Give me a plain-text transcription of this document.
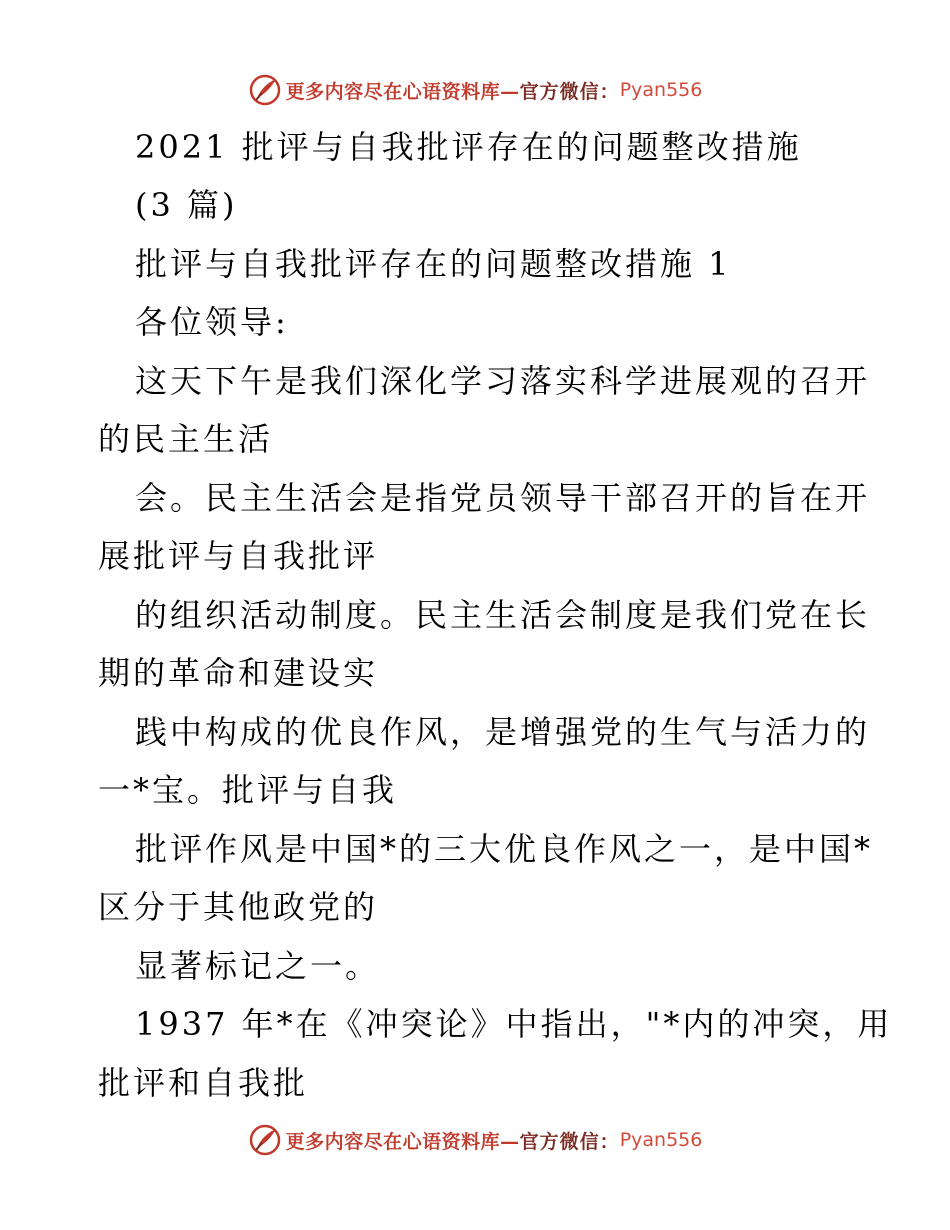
更多内容尽在心语资料库— 官方微信： Pyan556
2021 批评与自我批评存在的问题整改措施
(3 篇)
批评与自我批评存在的问题整改措施 1
各位领导:
这天下午是我们深化学习落实科学进展观的召开
的民主生活
会。民主生活会是指党员领导干部召开的旨在开
展批评与自我批评
的组织活动制度。民主生活会制度是我们党在长
期的革命和建设实
践中构成的优良作风，是增强党的生气与活力的
一*宝。批评与自我
批评作风是中国*的三大优良作风之一，是中国*
区分于其他政党的
显著标记之一。
1937 年*在《冲突论》中指出，"*内的冲突，用
批评和自我批
更多内容尽在心语资料库— 官方微信： Pyan556
